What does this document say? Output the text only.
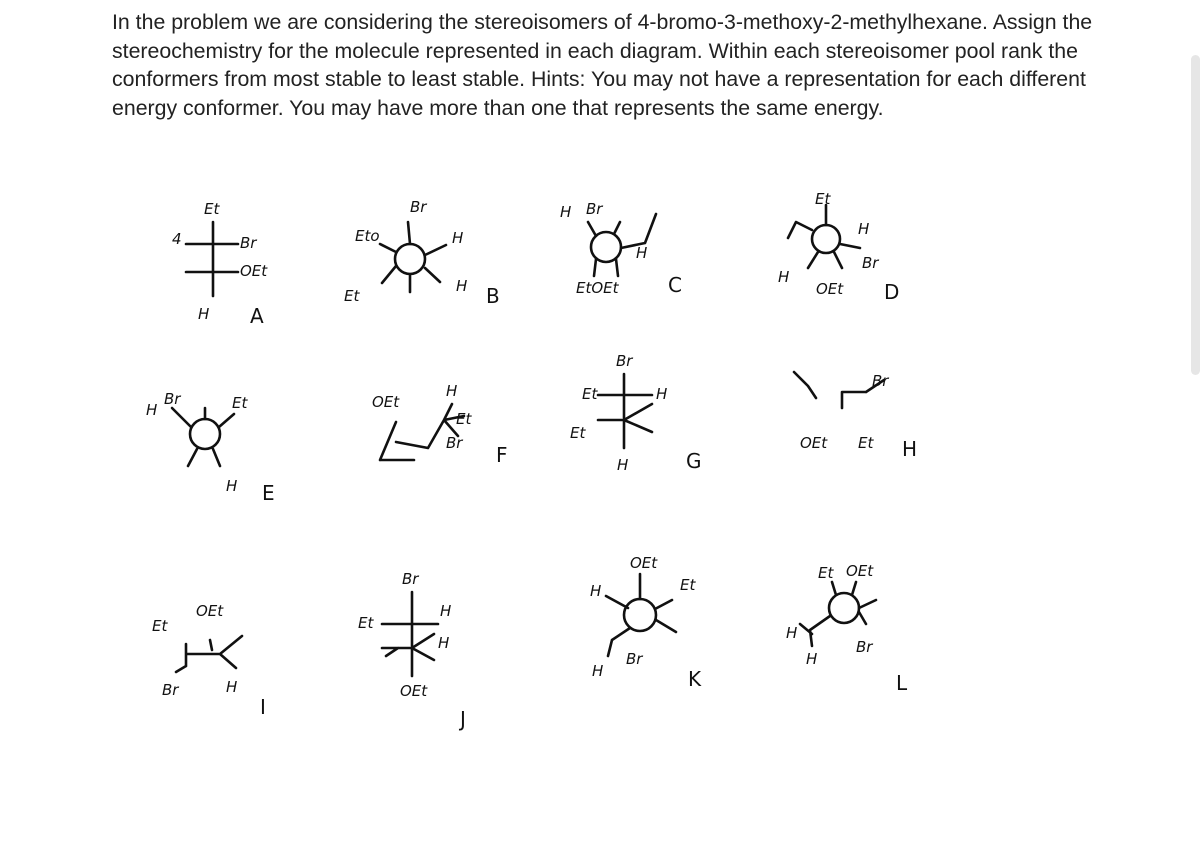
In the problem we are considering the stereoisomers of 4-bromo-3-methoxy-2-methylhexane. Assign the stereochemistry for the molecule represented in each diagram. Within each stereoisomer pool rank the conformers from most stable to least stable. Hints: You may not have a representation for each different energy conformer. You may have more than one that represents the same energy.

Et
Br
OEt
H
4
A
Eto
Br
H
Et
H B
H Br
H
EtOEt C
Et
H
Br
OEt
H
D
H
Br	Et
H E
OEt
H
Et
Br F
Br
Et	H
Et
H	G
Br
OEt Et H
Et
OEt
Br	H
I
Br
Et
H
H
OEt
J
OEt
Et
H
H
Br
K
Et OEt
H
H
Br
L
